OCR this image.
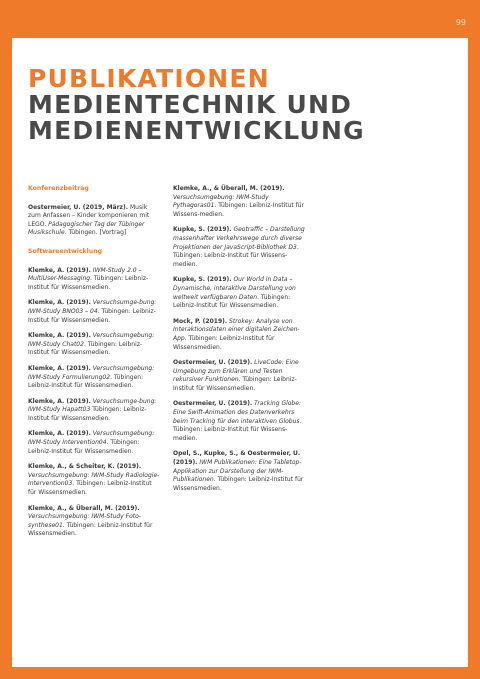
99
PUBLIKATIONEN
MEDIENTECHNIK UND
MEDIENENTWICKLUNG
Konferenzbeitrag
Oestermeier, U. (2019, März). Musik zum Anfassen – Kinder komponieren mit LEGO. Pädagogischer Tag der Tübinger Musikschule. Tübingen. [Vortrag]
Softwareentwicklung
Klemke, A. (2019). IWM-Study 2.0 – MultiUser-Messaging. Tübingen: Leibniz-Institut für Wissensmedien.
Klemke, A. (2019). Versuchsumge-bung: IWM-Study BNO03 – 04. Tübingen: Leibniz-Institut für Wissensmedien.
Klemke, A. (2019). Versuchsumgebung: IWM-Study Chat02. Tübingen: Leibniz-Institut für Wissensmedien.
Klemke, A. (2019). Versuchsumgebung: IWM-Study Formulierung02. Tübingen: Leibniz-Institut für Wissensmedien.
Klemke, A. (2019). Versuchsumge-bung: IWM-Study Hapatt03 Tübingen: Leibniz-Institut für Wissensmedien.
Klemke, A. (2019). Versuchsumgebung: IWM-Study Intervention04. Tübingen: Leibniz-Institut für Wissensmedien.
Klemke, A., & Scheiter, K. (2019). Versuchsumgebung: IWM-Study Radiologie-Intervention03. Tübingen: Leibniz-Institut für Wissensmedien.
Klemke, A., & Überall, M. (2019). Versuchsumgebung: IWM-Study Foto-synthese01. Tübingen: Leibniz-Institut für Wissensmedien.
Klemke, A., & Überall, M. (2019). Versuchsumgebung: IWM-Study Pythagoras01. Tübingen: Leibniz-Institut für Wissens-medien.
Kupke, S. (2019). Geotraffic – Darstellung massenhafter Verkehrswege durch diverse Projektionen der JavaScript-Bibliothek D3. Tübingen: Leibniz-Institut für Wissens-medien.
Kupke, S. (2019). Our World in Data – Dynamische, interaktive Darstellung von weltweit verfügbaren Daten. Tübingen: Leibniz-Institut für Wissensmedien.
Mock, P. (2019). Strokey: Analyse von Interaktionsdaten einer digitalen Zeichen-App. Tübingen: Leibniz-Institut für Wissensmedien.
Oestermeier, U. (2019). LiveCode: Eine Umgebung zum Erklären und Testen rekursiver Funktionen. Tübingen: Leibniz-Institut für Wissensmedien.
Oestermeier, U. (2019). Tracking Globe: Eine Swift-Animation des Datenverkehrs beim Tracking für den interaktiven Globus. Tübingen: Leibniz-Institut für Wissens-medien.
Opel, S., Kupke, S., & Oestermeier, U. (2019). IWM Publikationen: Eine Tabletop-Applikation zur Darstellung der IWM-Publikationen. Tübingen: Leibniz-Institut für Wissensmedien.
